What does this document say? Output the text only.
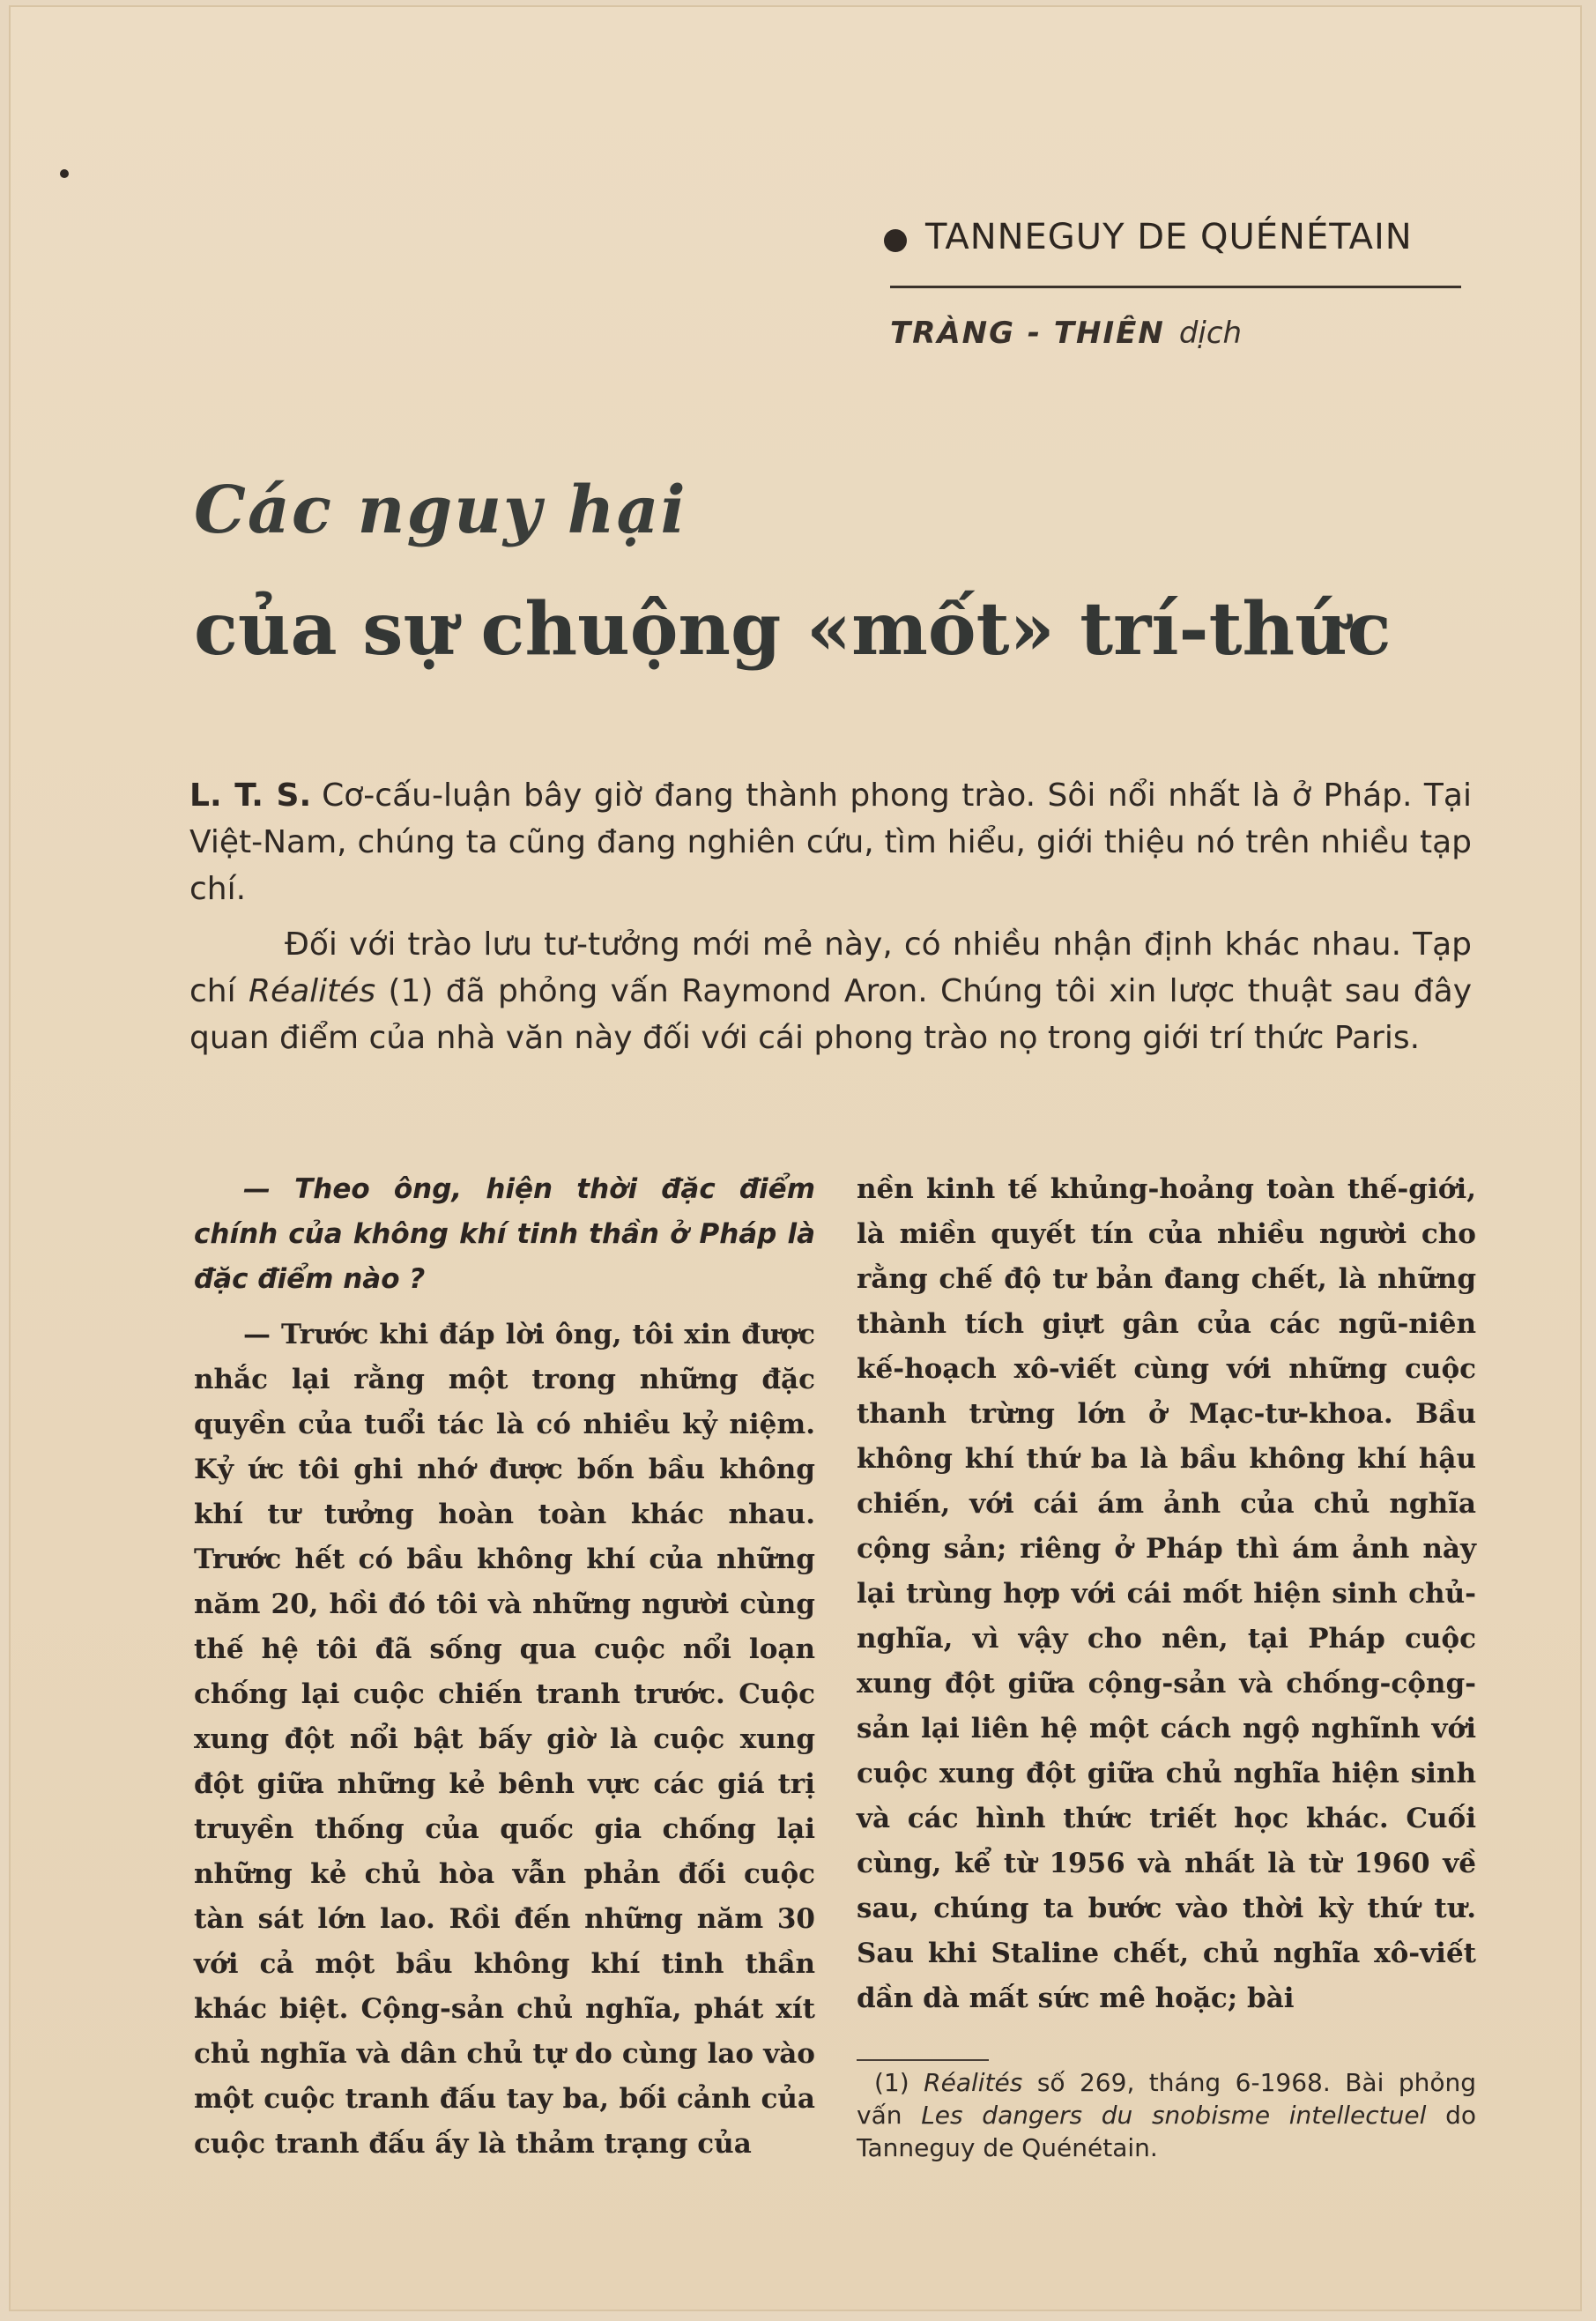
TANNEGUY DE QUÉNÉTAIN
TRÀNG - THIÊN dịch
Các nguy hại
của sự chuộng «mốt» trí-thức

L. T. S. Cơ-cấu-luận bây giờ đang thành phong trào. Sôi nổi nhất là ở Pháp. Tại Việt-Nam, chúng ta cũng đang nghiên cứu, tìm hiểu, giới thiệu nó trên nhiều tạp chí.

Đối với trào lưu tư-tưởng mới mẻ này, có nhiều nhận định khác nhau. Tạp chí Réalités (1) đã phỏng vấn Raymond Aron. Chúng tôi xin lược thuật sau đây quan điểm của nhà văn này đối với cái phong trào nọ trong giới trí thức Paris.

— Theo ông, hiện thời đặc điểm chính của không khí tinh thần ở Pháp là đặc điểm nào ?

— Trước khi đáp lời ông, tôi xin được nhắc lại rằng một trong những đặc quyền của tuổi tác là có nhiều kỷ niệm. Kỷ ức tôi ghi nhớ được bốn bầu không khí tư tưởng hoàn toàn khác nhau. Trước hết có bầu không khí của những năm 20, hồi đó tôi và những người cùng thế hệ tôi đã sống qua cuộc nổi loạn chống lại cuộc chiến tranh trước. Cuộc xung đột nổi bật bấy giờ là cuộc xung đột giữa những kẻ bênh vực các giá trị truyền thống của quốc gia chống lại những kẻ chủ hòa vẫn phản đối cuộc tàn sát lớn lao. Rồi đến những năm 30 với cả một bầu không khí tinh thần khác biệt. Cộng-sản chủ nghĩa, phát xít chủ nghĩa và dân chủ tự do cùng lao vào một cuộc tranh đấu tay ba, bối cảnh của cuộc tranh đấu ấy là thảm trạng của

nền kinh tế khủng-hoảng toàn thế-giới, là miền quyết tín của nhiều người cho rằng chế độ tư bản đang chết, là những thành tích giựt gân của các ngũ-niên kế-hoạch xô-viết cùng với những cuộc thanh trừng lớn ở Mạc-tư-khoa. Bầu không khí thứ ba là bầu không khí hậu chiến, với cái ám ảnh của chủ nghĩa cộng sản; riêng ở Pháp thì ám ảnh này lại trùng hợp với cái mốt hiện sinh chủ-nghĩa, vì vậy cho nên, tại Pháp cuộc xung đột giữa cộng-sản và chống-cộng-sản lại liên hệ một cách ngộ nghĩnh với cuộc xung đột giữa chủ nghĩa hiện sinh và các hình thức triết học khác. Cuối cùng, kể từ 1956 và nhất là từ 1960 về sau, chúng ta bước vào thời kỳ thứ tư. Sau khi Staline chết, chủ nghĩa xô-viết dần dà mất sức mê hoặc; bài

(1) Réalités số 269, tháng 6-1968. Bài phỏng vấn Les dangers du snobisme intellectuel do Tanneguy de Quénétain.
